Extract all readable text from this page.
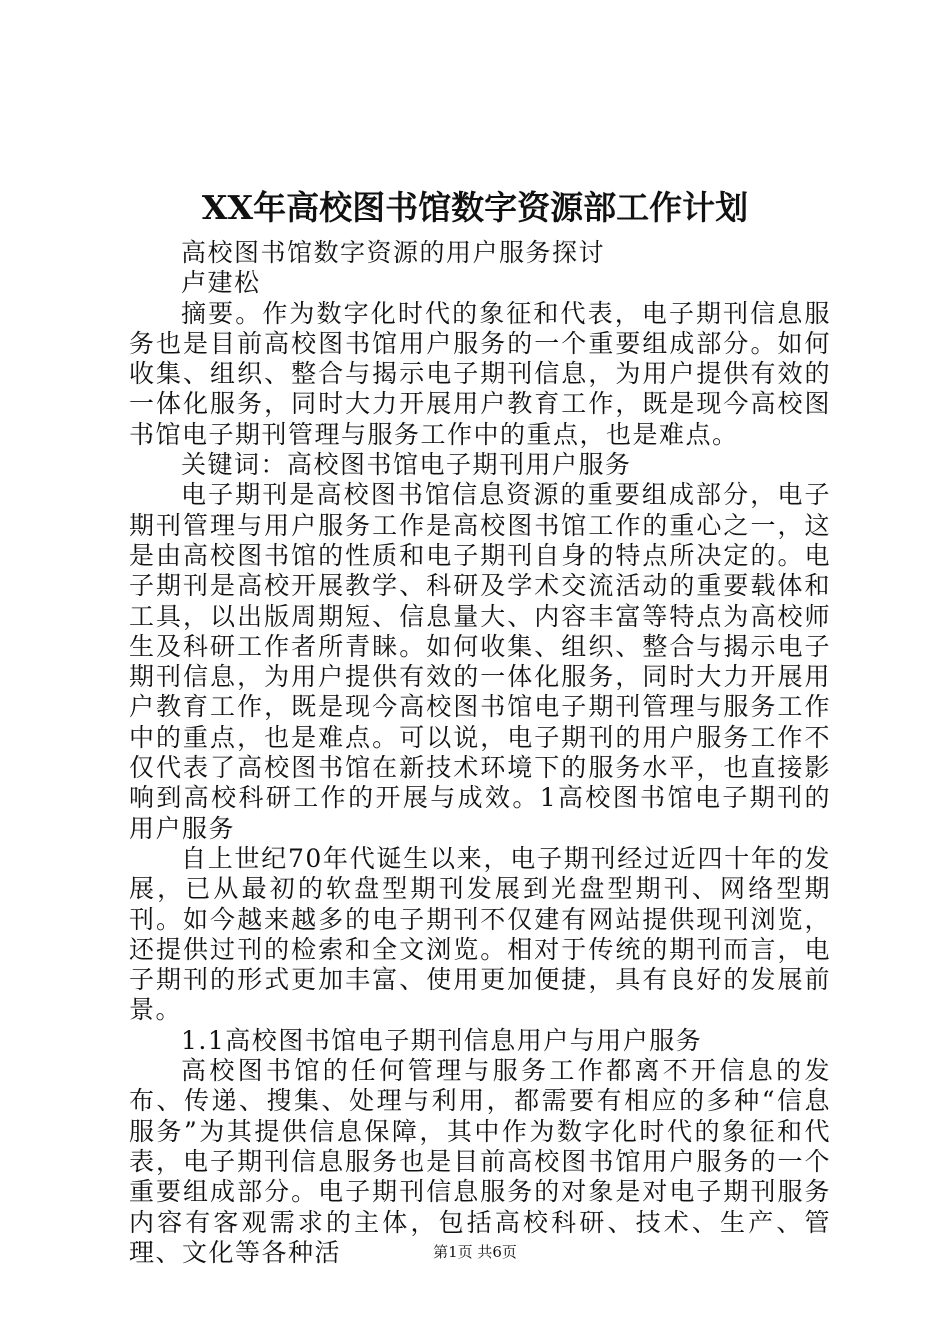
XX年高校图书馆数字资源部工作计划

高校图书馆数字资源的用户服务探讨

卢建松

摘要。作为数字化时代的象征和代表，电子期刊信息服务也是目前高校图书馆用户服务的一个重要组成部分。如何收集、组织、整合与揭示电子期刊信息，为用户提供有效的一体化服务，同时大力开展用户教育工作，既是现今高校图书馆电子期刊管理与服务工作中的重点，也是难点。

关键词：高校图书馆电子期刊用户服务

电子期刊是高校图书馆信息资源的重要组成部分，电子期刊管理与用户服务工作是高校图书馆工作的重心之一，这是由高校图书馆的性质和电子期刊自身的特点所决定的。电子期刊是高校开展教学、科研及学术交流活动的重要载体和工具，以出版周期短、信息量大、内容丰富等特点为高校师生及科研工作者所青睐。如何收集、组织、整合与揭示电子期刊信息，为用户提供有效的一体化服务，同时大力开展用户教育工作，既是现今高校图书馆电子期刊管理与服务工作中的重点，也是难点。可以说，电子期刊的用户服务工作不仅代表了高校图书馆在新技术环境下的服务水平，也直接影响到高校科研工作的开展与成效。1高校图书馆电子期刊的用户服务

自上世纪70年代诞生以来，电子期刊经过近四十年的发展，已从最初的软盘型期刊发展到光盘型期刊、网络型期刊。如今越来越多的电子期刊不仅建有网站提供现刊浏览，还提供过刊的检索和全文浏览。相对于传统的期刊而言，电子期刊的形式更加丰富、使用更加便捷，具有良好的发展前景。

1.1高校图书馆电子期刊信息用户与用户服务

高校图书馆的任何管理与服务工作都离不开信息的发布、传递、搜集、处理与利用，都需要有相应的多种“信息服务”为其提供信息保障，其中作为数字化时代的象征和代表，电子期刊信息服务也是目前高校图书馆用户服务的一个重要组成部分。电子期刊信息服务的对象是对电子期刊服务内容有客观需求的主体，包括高校科研、技术、生产、管理、文化等各种活	第1页 共6页
